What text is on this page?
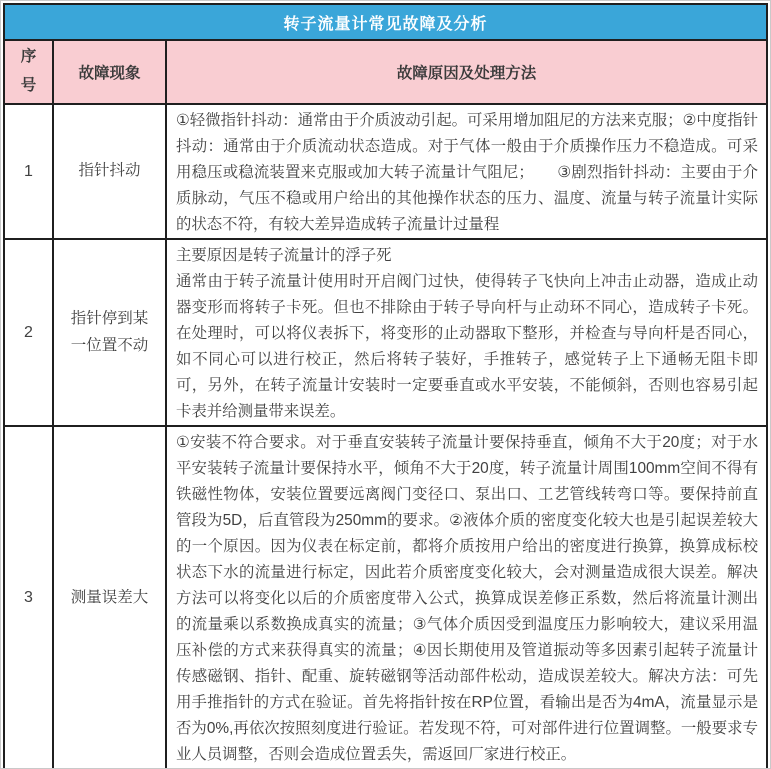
转子流量计常见故障及分析		
序号	故障现象	故障原因及处理方法
1	指针抖动	①轻微指针抖动：通常由于介质波动引起。可采用增加阻尼的方法来克服；②中度指针抖动：通常由于介质流动状态造成。对于气体一般由于介质操作压力不稳造成。可采用稳压或稳流装置来克服或加大转子流量计气阻尼；　　③剧烈指针抖动：主要由于介质脉动，气压不稳或用户给出的其他操作状态的压力、温度、流量与转子流量计实际的状态不符，有较大差异造成转子流量计过量程

2	指针停到某一位置不动	主要原因是转子流量计的浮子死

通常由于转子流量计使用时开启阀门过快，使得转子飞快向上冲击止动器，造成止动器变形而将转子卡死。但也不排除由于转子导向杆与止动环不同心，造成转子卡死。在处理时，可以将仪表拆下，将变形的止动器取下整形，并检查与导向杆是否同心，如不同心可以进行校正，然后将转子装好，手推转子，感觉转子上下通畅无阻卡即可，另外，在转子流量计安装时一定要垂直或水平安装，不能倾斜，否则也容易引起卡表并给测量带来误差。

3	测量误差大	①安装不符合要求。对于垂直安装转子流量计要保持垂直，倾角不大于20度；对于水平安装转子流量计要保持水平，倾角不大于20度，转子流量计周围100mm空间不得有铁磁性物体，安装位置要远离阀门变径口、泵出口、工艺管线转弯口等。要保持前直管段为5D，后直管段为250mm的要求。②液体介质的密度变化较大也是引起误差较大的一个原因。因为仪表在标定前，都将介质按用户给出的密度进行换算，换算成标校状态下水的流量进行标定，因此若介质密度变化较大，会对测量造成很大误差。解决方法可以将变化以后的介质密度带入公式，换算成误差修正系数，然后将流量计测出的流量乘以系数换成真实的流量；③气体介质因受到温度压力影响较大，建议采用温压补偿的方式来获得真实的流量；④因长期使用及管道振动等多因素引起转子流量计传感磁钢、指针、配重、旋转磁钢等活动部件松动，造成误差较大。解决方法：可先用手推指针的方式在验证。首先将指针按在RP位置，看输出是否为4mA，流量显示是否为0%,再依次按照刻度进行验证。若发现不符，可对部件进行位置调整。一般要求专业人员调整，否则会造成位置丢失，需返回厂家进行校正。
